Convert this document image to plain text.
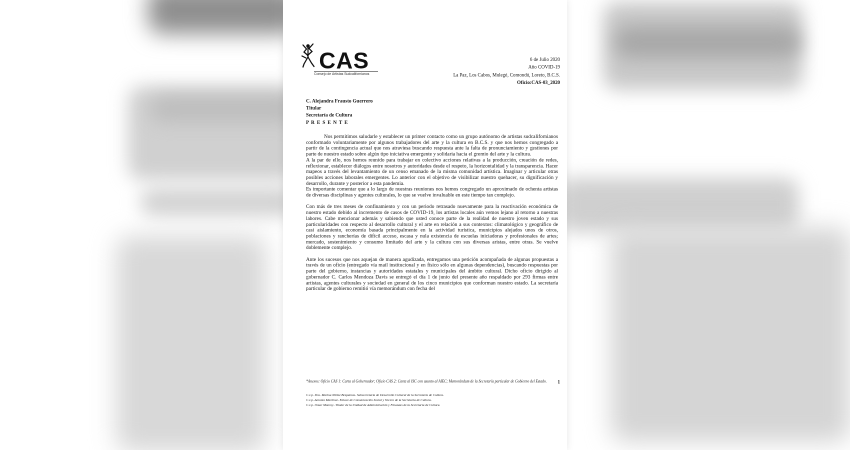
CAS
Consejo de Artistas Sudcalifornianos
6 de Julio 2020
Año COVID-19
La Paz, Los Cabos, Mulegé, Comondú, Loreto, B.C.S.
Oficio:CAS-03_2020
C. Alejandra Frausto Guerrero
Titular
Secretaría de Cultura
P R E S E N T E

Nos permitimos saludarle y establecer un primer contacto como un grupo autónomo de artistas sudcalifornianos conformado voluntariamente por algunos trabajadores del arte y la cultura en B.C.S. y que nos hemos congregado a partir de la contingencia actual que nos atraviesa buscando respuesta ante la falta de pronunciamiento y gestiones por parte de nuestro estado sobre algún tipo iniciativa emergente y solidaria hacia el gremio del arte y la cultura.

A la par de ello, nos hemos reunido para trabajar en colectivo acciones relativas a la producción, creación de redes, reflexionar, establecer diálogos entre nosotros y autoridades desde el respeto, la horizontalidad y la transparencia. Hacer mapeos a través del levantamiento de un censo emanado de la misma comunidad artística. Imaginar y articular otras posibles acciones laborales emergentes. Lo anterior con el objetivo de visibilizar nuestro quehacer, su dignificación y desarrollo, durante y posterior a esta pandemia.

Es importante comentar que a lo largo de nuestras reuniones nos hemos congregado un aproximado de ochenta artistas de diversas disciplinas y agentes culturales, lo que se vuelve invaluable en este tiempo tan complejo.

Con más de tres meses de confinamiento y con un periodo retrasado nuevamente para la reactivación económica de nuestro estado debido al incremento de casos de COVID-19, los artistas locales aún vemos lejano al retorno a nuestras labores. Cabe mencionar además y sabiendo que usted conoce parte de la realidad de nuestro joven estado y sus particularidades con respecto al desarrollo cultural y el arte en relación a sus contextos: climatológico y geográfico de casi aislamiento, economía basada principalmente en la actividad turística, municipios alejados unos de otros, poblaciones y rancherías de difícil acceso, escasa y nula existencia de escuelas iniciadoras y profesionales de artes; mercado, sostenimiento y consumo limitado del arte y la cultura con sus diversas aristas, entre otras. Se vuelve doblemente complejo.

Ante los sucesos que nos aquejan de manera agudizada, entregamos una petición acompañada de algunas propuestas a través de un oficio (entregado vía mail institucional y en físico sólo en algunas dependencias), buscando respuestas por parte del gobierno, instancias y autoridades estatales y municipales del ámbito cultural. Dicho oficio dirigido al gobernador C. Carlos Mendoza Davis se entregó el día 1 de junio del presente año respaldado por 293 firmas entre artistas, agentes culturales y sociedad en general de los cinco municipios que conforman nuestro estado. La secretaría particular de gobierno remitió vía memorándum con fecha del

*Anexos: Oficio CAS 1: Carta al Gobernador; Oficio CAS 2: Carta al ISC con asunto al AIEC; Memorándum de la Secretaría particular de Gobierno del Estado.	1
C.c.p. Dra. Marina Núñez Bespalova- Subsecretaria de Desarrollo Cultural de la Secretaría de Cultura.
C.c.p. Antonio Martínez- Enlace de Comunicación Social y Vocero de la Secretaría de Cultura.
C.c.p. Omar Monroy- Titular de la Unidad de Administración y Finanzas de la Secretaría de Cultura.
